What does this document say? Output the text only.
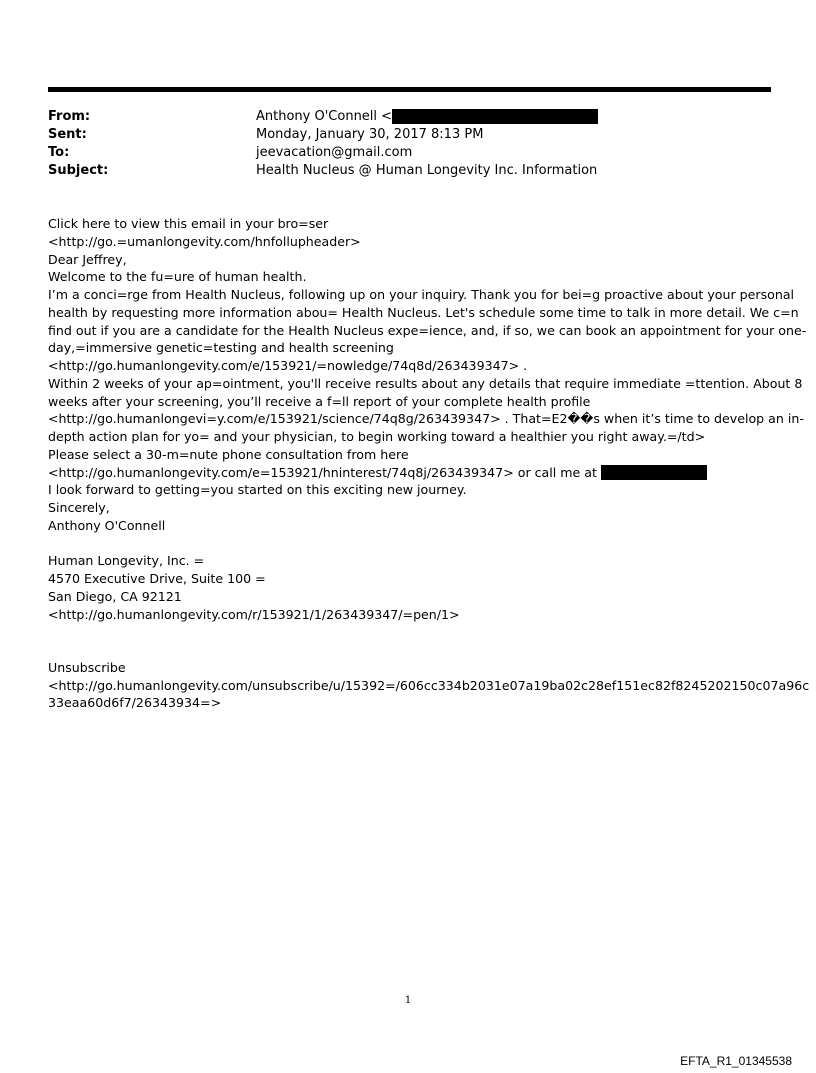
From:	Anthony O'Connell <
Sent:	Monday, January 30, 2017 8:13 PM
To:	jeevacation@gmail.com
Subject:	Health Nucleus @ Human Longevity Inc. Information
Click here to view this email in your bro=ser
<http://go.=umanlongevity.com/hnfollupheader>
Dear Jeffrey,
Welcome to the fu=ure of human health.
I’m a conci=rge from Health Nucleus, following up on your inquiry. Thank you for bei=g proactive about your personal
health by requesting more information abou= Health Nucleus. Let's schedule some time to talk in more detail. We c=n
find out if you are a candidate for the Health Nucleus expe=ience, and, if so, we can book an appointment for your one-
day,=immersive genetic=testing and health screening
<http://go.humanlongevity.com/e/153921/=nowledge/74q8d/263439347> .
Within 2 weeks of your ap=ointment, you'll receive results about any details that require immediate =ttention. About 8
weeks after your screening, you’ll receive a f=ll report of your complete health profile
<http://go.humanlongevi=y.com/e/153921/science/74q8g/263439347> . That=E2��s when it’s time to develop an in-
depth action plan for yo= and your physician, to begin working toward a healthier you right away.=/td>
Please select a 30-m=nute phone consultation from here
<http://go.humanlongevity.com/e=153921/hninterest/74q8j/263439347> or call me at
I look forward to getting=you started on this exciting new journey.
Sincerely,
Anthony O'Connell
Human Longevity, Inc. =
4570 Executive Drive, Suite 100 =
San Diego, CA 92121
<http://go.humanlongevity.com/r/153921/1/263439347/=pen/1>
Unsubscribe
<http://go.humanlongevity.com/unsubscribe/u/15392=/606cc334b2031e07a19ba02c28ef151ec82f8245202150c07a96c
33eaa60d6f7/26343934=>
1
EFTA_R1_01345538
